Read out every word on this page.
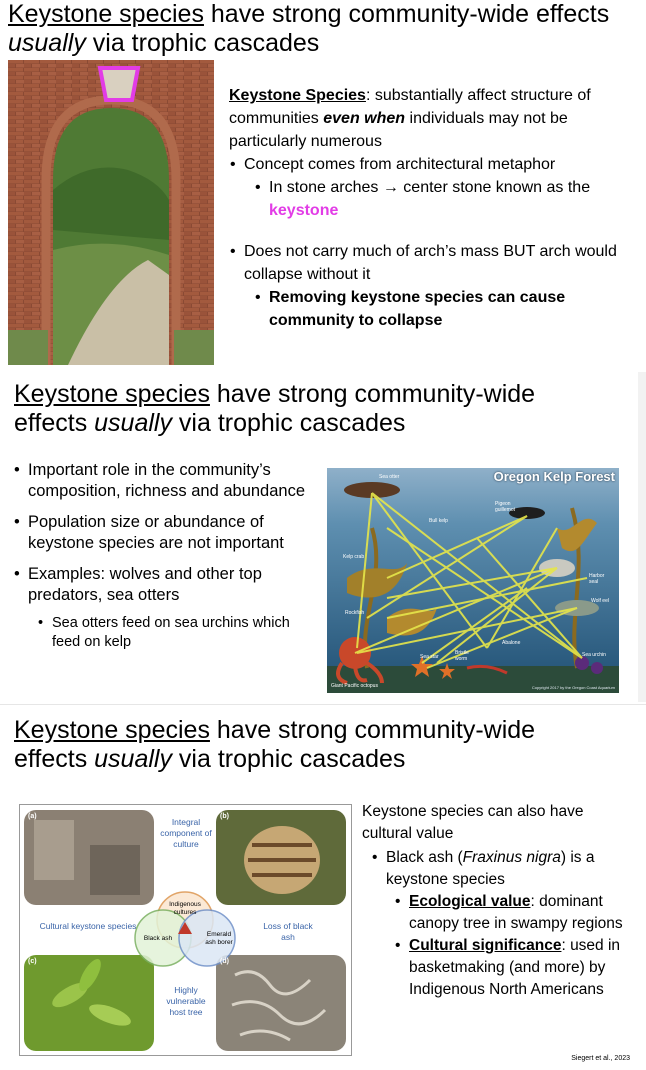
Keystone species have strong community-wide effects
usually via trophic cascades
Keystone Species: substantially affect structure of communities even when individuals may not be particularly numerous
• Concept comes from architectural metaphor
• In stone arches → center stone known as the
keystone
• Does not carry much of arch’s mass BUT arch would collapse without it
• Removing keystone species can cause community to collapse
Keystone species have strong community-wide
effects usually via trophic cascades
• Important role in the community’s composition, richness and abundance
• Population size or abundance of keystone species are not important
• Examples: wolves and other top predators, sea otters
• Sea otters feed on sea urchins which feed on kelp
Oregon Kelp Forest
Sea otter
Pigeon guillemot
Bull kelp
Kelp crab
Harbor seal
Wolf eel
Rockfish
Abalone
Sea star
Bristle worm
Sea urchin
Giant Pacific octopus	Copyright 2017 by the Oregon Coast Aquarium
Keystone species have strong community-wide
effects usually via trophic cascades
(a)	(b)
(c)	(d)
Integral component of culture
Cultural keystone species	Loss of black ash
Highly vulnerable host tree
Indigenous cultures
Black ash
Emerald ash borer
Keystone species can also have cultural value
• Black ash (Fraxinus nigra) is a keystone species
• Ecological value: dominant canopy tree in swampy regions
• Cultural significance: used in basketmaking (and more) by Indigenous North Americans
Siegert et al., 2023
